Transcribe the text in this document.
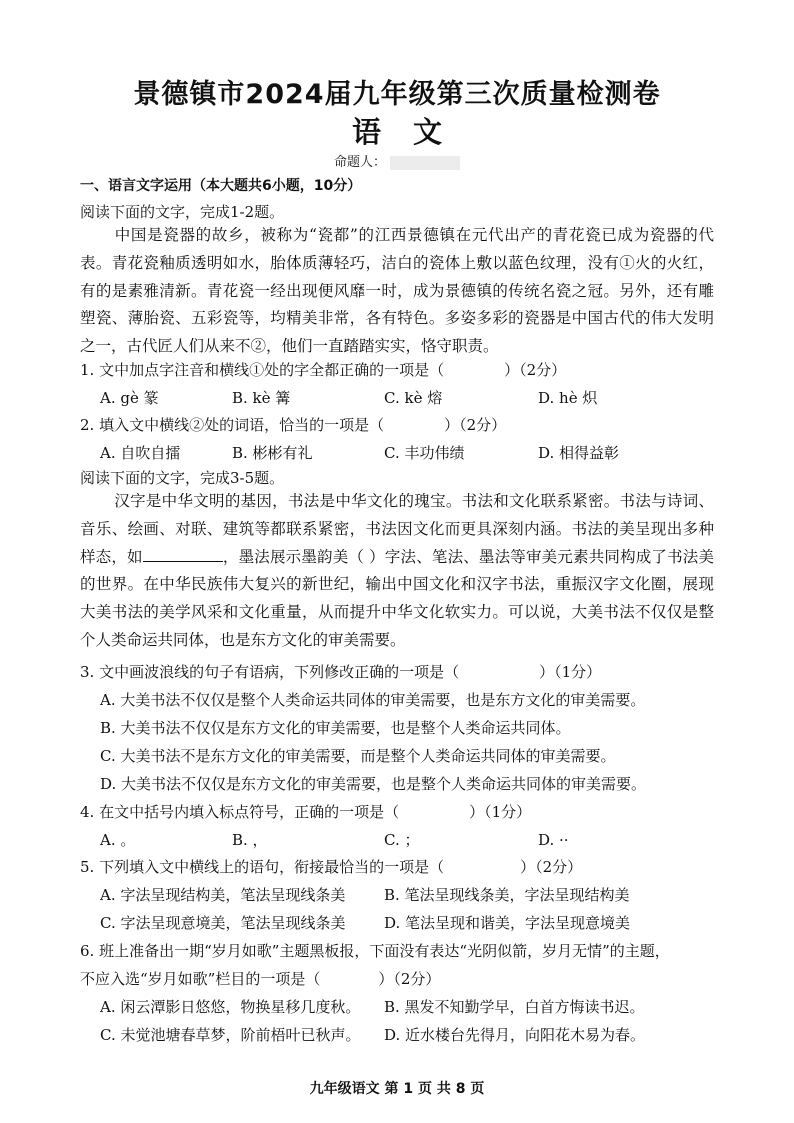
景德镇市2024届九年级第三次质量检测卷
语文
命题人：
一、语言文字运用（本大题共6小题，10分）
阅读下面的文字，完成1-2题。
中国是瓷器的故乡，被称为“瓷都”的江西景德镇在元代出产的青花瓷已成为瓷器的代表。青花瓷釉质透明如水，胎体质薄轻巧，洁白的瓷体上敷以蓝色纹理，没有①火的火红，有的是素雅清新。青花瓷一经出现便风靡一时，成为景德镇的传统名瓷之冠。另外，还有雕塑瓷、薄胎瓷、五彩瓷等，均精美非常，各有特色。多姿多彩的瓷器是中国古代的伟大发明之一，古代匠人们从来不②，他们一直踏踏实实，恪守职责。
1. 文中加点字注音和横线①处的字全都正确的一项是（	）（2分）
A. gè 篆	B. kè 篝	C. kè 熔	D. hè 炽
2. 填入文中横线②处的词语，恰当的一项是（	）（2分）
A. 自吹自擂	B. 彬彬有礼	C. 丰功伟绩	D. 相得益彰
阅读下面的文字，完成3-5题。
汉字是中华文明的基因，书法是中华文化的瑰宝。书法和文化联系紧密。书法与诗词、音乐、绘画、对联、建筑等都联系紧密，书法因文化而更具深刻内涵。书法的美呈现出多种样态，如	，墨法展示墨韵美（ ）字法、笔法、墨法等审美元素共同构成了书法美的世界。在中华民族伟大复兴的新世纪，输出中国文化和汉字书法，重振汉字文化圈，展现大美书法的美学风采和文化重量，从而提升中华文化软实力。可以说，大美书法不仅仅是整个人类命运共同体，也是东方文化的审美需要。
3. 文中画波浪线的句子有语病，下列修改正确的一项是（	）（1分）
A. 大美书法不仅仅是整个人类命运共同体的审美需要，也是东方文化的审美需要。
B. 大美书法不仅仅是东方文化的审美需要，也是整个人类命运共同体。
C. 大美书法不是东方文化的审美需要，而是整个人类命运共同体的审美需要。
D. 大美书法不仅仅是东方文化的审美需要，也是整个人类命运共同体的审美需要。
4. 在文中括号内填入标点符号，正确的一项是（	）（1分）
A. 。	B. ，	C. ；	D. ··
5. 下列填入文中横线上的语句，衔接最恰当的一项是（	）（2分）
A. 字法呈现结构美，笔法呈现线条美	B. 笔法呈现线条美，字法呈现结构美
C. 字法呈现意境美，笔法呈现线条美	D. 笔法呈现和谐美，字法呈现意境美
6. 班上准备出一期“岁月如歌”主题黑板报，下面没有表达“光阴似箭，岁月无情”的主题，
不应入选“岁月如歌”栏目的一项是（	）（2分）
A. 闲云潭影日悠悠，物换星移几度秋。 B. 黑发不知勤学早，白首方悔读书迟。
C. 未觉池塘春草梦，阶前梧叶已秋声。 D. 近水楼台先得月，向阳花木易为春。
九年级语文 第 1 页 共 8 页
